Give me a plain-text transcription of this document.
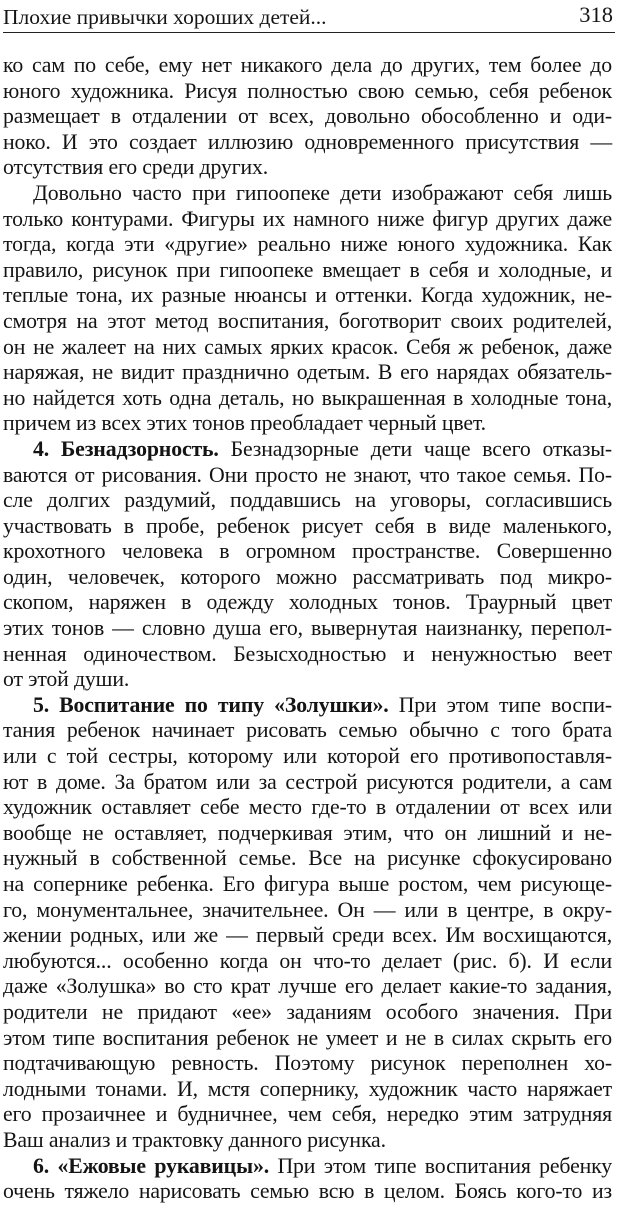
Плохие привычки хороших детей...	318
ко сам по себе, ему нет никакого дела до других, тем более до
юного художника. Рисуя полностью свою семью, себя ребенок
размещает в отдалении от всех, довольно обособленно и оди-
ноко. И это создает иллюзию одновременного присутствия —
отсутствия его среди других.
Довольно часто при гипоопеке дети изображают себя лишь
только контурами. Фигуры их намного ниже фигур других даже
тогда, когда эти «другие» реально ниже юного художника. Как
правило, рисунок при гипоопеке вмещает в себя и холодные, и
теплые тона, их разные нюансы и оттенки. Когда художник, не-
смотря на этот метод воспитания, боготворит своих родителей,
он не жалеет на них самых ярких красок. Себя ж ребенок, даже
наряжая, не видит празднично одетым. В его нарядах обязатель-
но найдется хоть одна деталь, но выкрашенная в холодные тона,
причем из всех этих тонов преобладает черный цвет.
4. Безнадзорность. Безнадзорные дети чаще всего отказы-
ваются от рисования. Они просто не знают, что такое семья. По-
сле долгих раздумий, поддавшись на уговоры, согласившись
участвовать в пробе, ребенок рисует себя в виде маленького,
крохотного человека в огромном пространстве. Совершенно
один, человечек, которого можно рассматривать под микро-
скопом, наряжен в одежду холодных тонов. Траурный цвет
этих тонов — словно душа его, вывернутая наизнанку, перепол-
ненная одиночеством. Безысходностью и ненужностью веет
от этой души.
5. Воспитание по типу «Золушки». При этом типе воспи-
тания ребенок начинает рисовать семью обычно с того брата
или с той сестры, которому или которой его противопоставля-
ют в доме. За братом или за сестрой рисуются родители, а сам
художник оставляет себе место где-то в отдалении от всех или
вообще не оставляет, подчеркивая этим, что он лишний и не-
нужный в собственной семье. Все на рисунке сфокусировано
на сопернике ребенка. Его фигура выше ростом, чем рисующе-
го, монументальнее, значительнее. Он — или в центре, в окру-
жении родных, или же — первый среди всех. Им восхищаются,
любуются... особенно когда он что-то делает (рис. б). И если
даже «Золушка» во сто крат лучше его делает какие-то задания,
родители не придают «ее» заданиям особого значения. При
этом типе воспитания ребенок не умеет и не в силах скрыть его
подтачивающую ревность. Поэтому рисунок переполнен хо-
лодными тонами. И, мстя сопернику, художник часто наряжает
его прозаичнее и будничнее, чем себя, нередко этим затрудняя
Ваш анализ и трактовку данного рисунка.
6. «Ежовые рукавицы». При этом типе воспитания ребенку
очень тяжело нарисовать семью всю в целом. Боясь кого-то из
